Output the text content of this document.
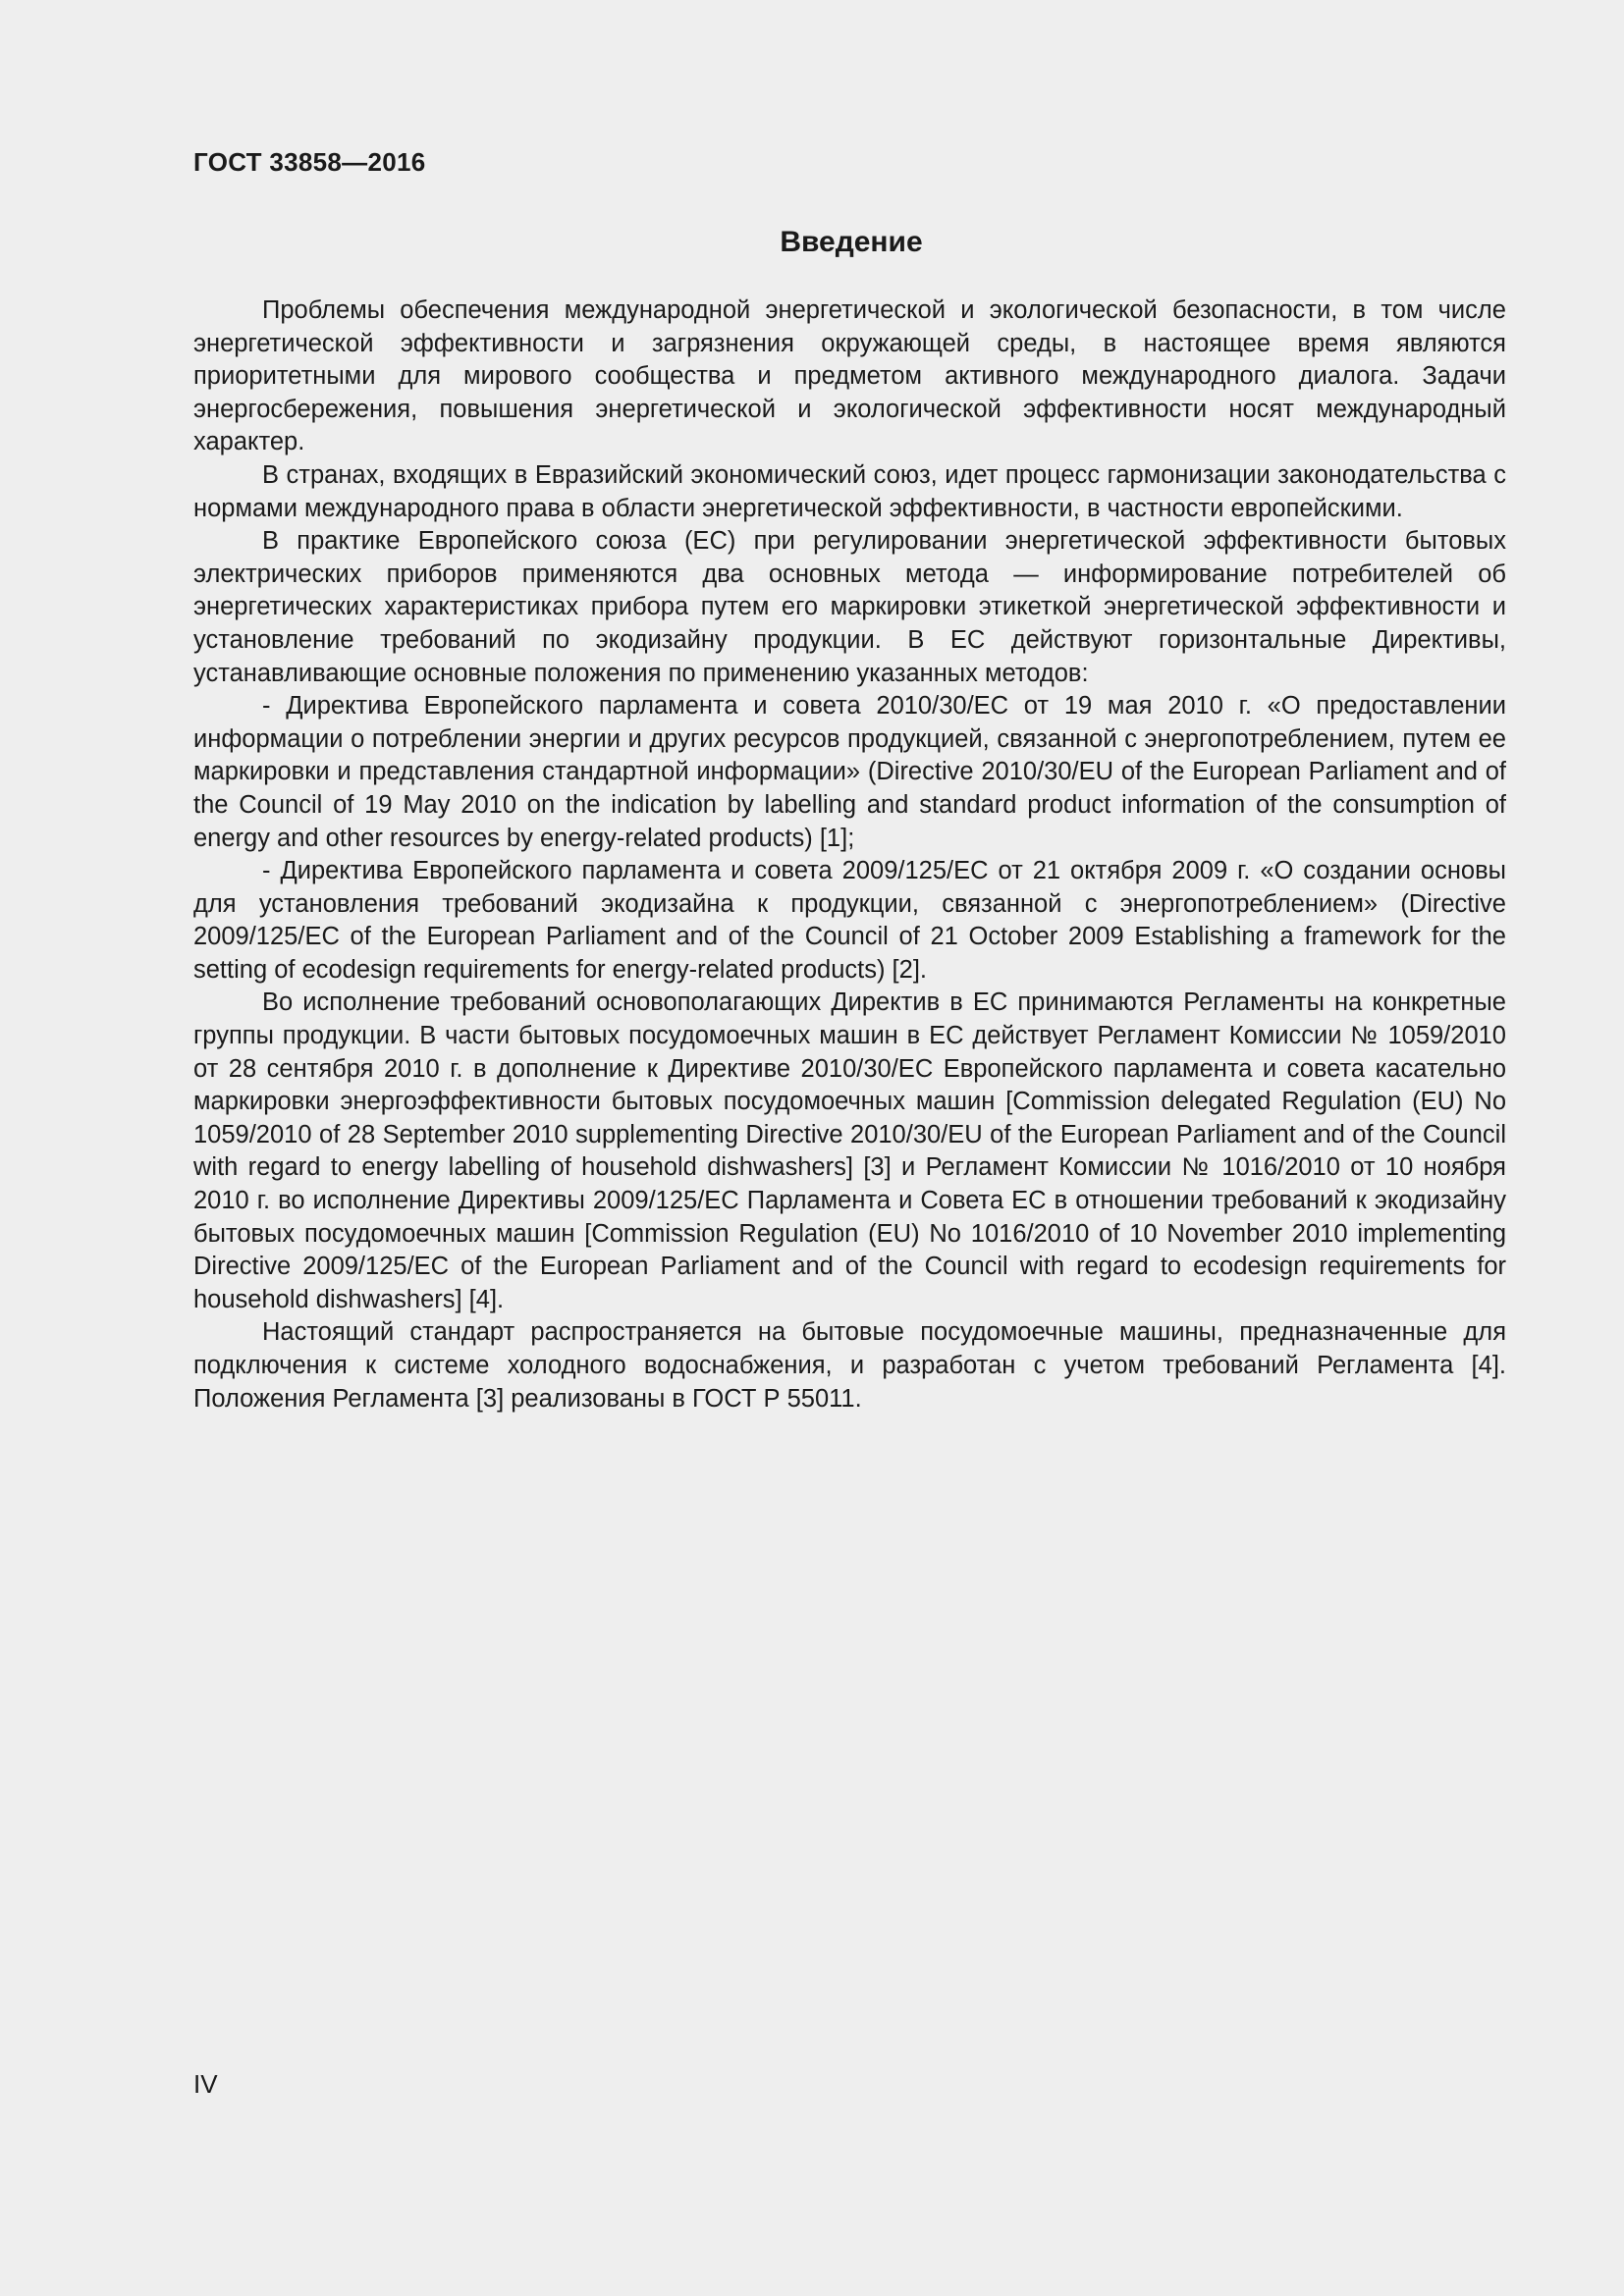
ГОСТ 33858—2016
Введение

Проблемы обеспечения международной энергетической и экологической безопасности, в том числе энергетической эффективности и загрязнения окружающей среды, в настоящее время являются приоритетными для мирового сообщества и предметом активного международного диалога. Задачи энергосбережения, повышения энергетической и экологической эффективности носят международный характер.

В странах, входящих в Евразийский экономический союз, идет процесс гармонизации законодательства с нормами международного права в области энергетической эффективности, в частности европейскими.

В практике Европейского союза (ЕС) при регулировании энергетической эффективности бытовых электрических приборов применяются два основных метода — информирование потребителей об энергетических характеристиках прибора путем его маркировки этикеткой энергетической эффективности и установление требований по экодизайну продукции. В ЕС действуют горизонтальные Директивы, устанавливающие основные положения по применению указанных методов:

- Директива Европейского парламента и совета 2010/30/ЕС от 19 мая 2010 г. «О предоставлении информации о потреблении энергии и других ресурсов продукцией, связанной с энергопотреблением, путем ее маркировки и представления стандартной информации» (Directive 2010/30/EU of the European Parliament and of the Council of 19 May 2010 on the indication by labelling and standard product information of the consumption of energy and other resources by energy-related products) [1];

- Директива Европейского парламента и совета 2009/125/ЕС от 21 октября 2009 г. «О создании основы для установления требований экодизайна к продукции, связанной с энергопотреблением» (Directive 2009/125/EC of the European Parliament and of the Council of 21 October 2009 Establishing a framework for the setting of ecodesign requirements for energy-related products) [2].

Во исполнение требований основополагающих Директив в ЕС принимаются Регламенты на конкретные группы продукции. В части бытовых посудомоечных машин в ЕС действует Регламент Комиссии № 1059/2010 от 28 сентября 2010 г. в дополнение к Директиве 2010/30/ЕС Европейского парламента и совета касательно маркировки энергоэффективности бытовых посудомоечных машин [Commission delegated Regulation (EU) No 1059/2010 of 28 September 2010 supplementing Directive 2010/30/EU of the European Parliament and of the Council with regard to energy labelling of household dishwashers] [3] и Регламент Комиссии № 1016/2010 от 10 ноября 2010 г. во исполнение Директивы 2009/125/ЕС Парламента и Совета ЕС в отношении требований к экодизайну бытовых посудомоечных машин [Commission Regulation (EU) No 1016/2010 of 10 November 2010 implementing Directive 2009/125/EC of the European Parliament and of the Council with regard to ecodesign requirements for household dishwashers] [4].

Настоящий стандарт распространяется на бытовые посудомоечные машины, предназначенные для подключения к системе холодного водоснабжения, и разработан с учетом требований Регламента [4]. Положения Регламента [3] реализованы в ГОСТ Р 55011.

IV
